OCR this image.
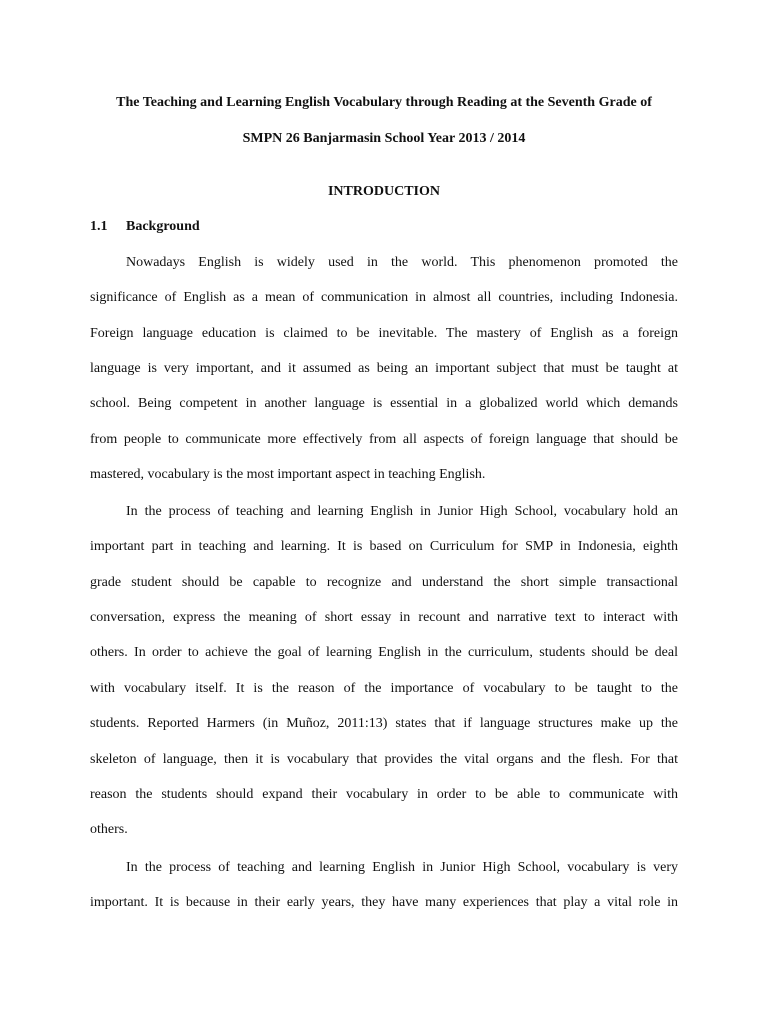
The Teaching and Learning English Vocabulary through Reading at the Seventh Grade of
SMPN 26 Banjarmasin School Year 2013 / 2014
INTRODUCTION
1.1 Background
Nowadays English is widely used in the world. This phenomenon promoted the
significance of English as a mean of communication in almost all countries, including Indonesia.
Foreign language education is claimed to be inevitable. The mastery of English as a foreign
language is very important, and it assumed as being an important subject that must be taught at
school. Being competent in another language is essential in a globalized world which demands
from people to communicate more effectively from all aspects of foreign language that should be
mastered, vocabulary is the most important aspect in teaching English.
In the process of teaching and learning English in Junior High School, vocabulary hold an
important part in teaching and learning. It is based on Curriculum for SMP in Indonesia, eighth
grade student should be capable to recognize and understand the short simple transactional
conversation, express the meaning of short essay in recount and narrative text to interact with
others. In order to achieve the goal of learning English in the curriculum, students should be deal
with vocabulary itself. It is the reason of the importance of vocabulary to be taught to the
students. Reported Harmers (in Muñoz, 2011:13) states that if language structures make up the
skeleton of language, then it is vocabulary that provides the vital organs and the flesh. For that
reason the students should expand their vocabulary in order to be able to communicate with
others.
In the process of teaching and learning English in Junior High School, vocabulary is very
important. It is because in their early years, they have many experiences that play a vital role in
